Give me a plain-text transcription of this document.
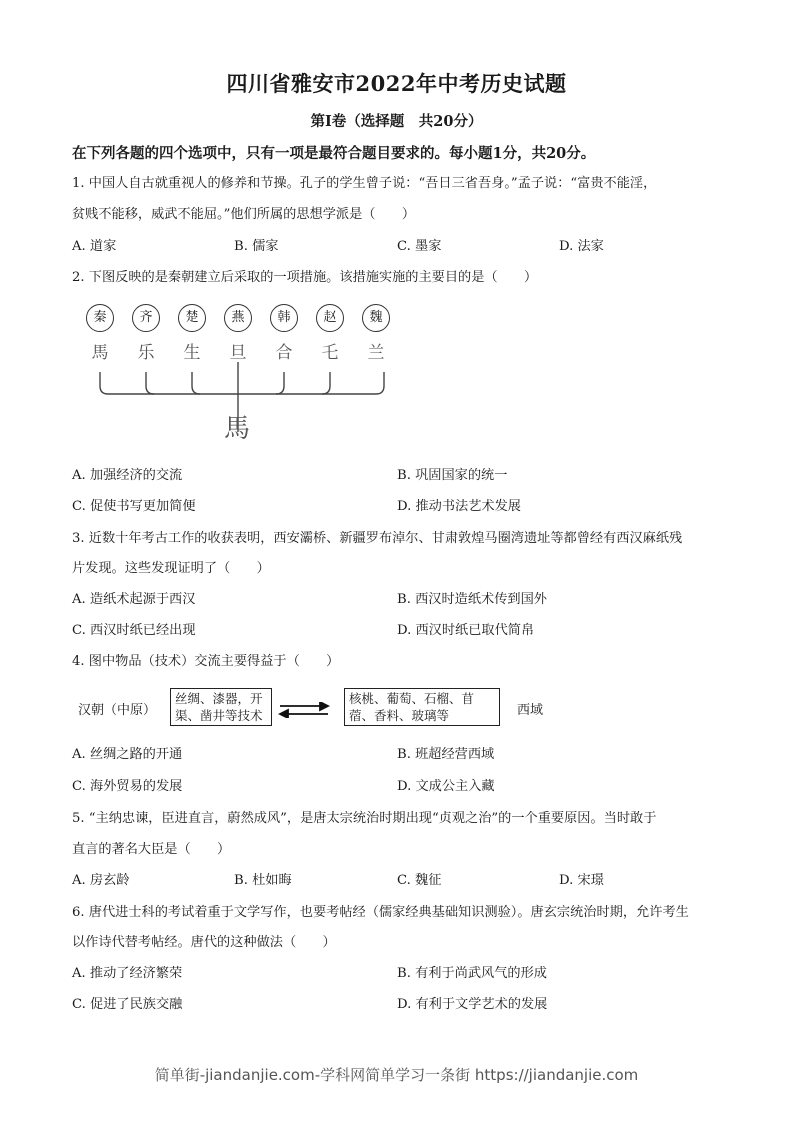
四川省雅安市2022年中考历史试题
第Ⅰ卷（选择题　共20分）
在下列各题的四个选项中，只有一项是最符合题目要求的。每小题1分，共20分。
1. 中国人自古就重视人的修养和节操。孔子的学生曾子说：“吾日三省吾身。”孟子说：“富贵不能淫，
贫贱不能移，威武不能屈。”他们所属的思想学派是（　　）
A. 道家	B. 儒家	C. 墨家	D. 法家
2. 下图反映的是秦朝建立后采取的一项措施。该措施实施的主要目的是（　　）
秦	齐	楚	燕	韩	赵	魏
馬	乐	生	旦	合	乇	兰
馬
A. 加强经济的交流	B. 巩固国家的统一
C. 促使书写更加简便	D. 推动书法艺术发展
3. 近数十年考古工作的收获表明，西安灞桥、新疆罗布淖尔、甘肃敦煌马圈湾遗址等都曾经有西汉麻纸残
片发现。这些发现证明了（　　）
A. 造纸术起源于西汉	B. 西汉时造纸术传到国外
C. 西汉时纸已经出现	D. 西汉时纸已取代简帛
4. 图中物品（技术）交流主要得益于（　　）
汉朝（中原）
丝绸、漆器，开渠、凿井等技术
核桃、葡萄、石榴、苜蓿、香料、玻璃等	西域
A. 丝绸之路的开通	B. 班超经营西域
C. 海外贸易的发展	D. 文成公主入藏
5. “主纳忠谏，臣进直言，蔚然成风”，是唐太宗统治时期出现“贞观之治”的一个重要原因。当时敢于
直言的著名大臣是（　　）
A. 房玄龄	B. 杜如晦	C. 魏征	D. 宋璟
6. 唐代进士科的考试着重于文学写作，也要考帖经（儒家经典基础知识测验）。唐玄宗统治时期，允许考生
以作诗代替考帖经。唐代的这种做法（　　）
A. 推动了经济繁荣	B. 有利于尚武风气的形成
C. 促进了民族交融	D. 有利于文学艺术的发展
简单街-jiandanjie.com-学科网简单学习一条街 https://jiandanjie.com
